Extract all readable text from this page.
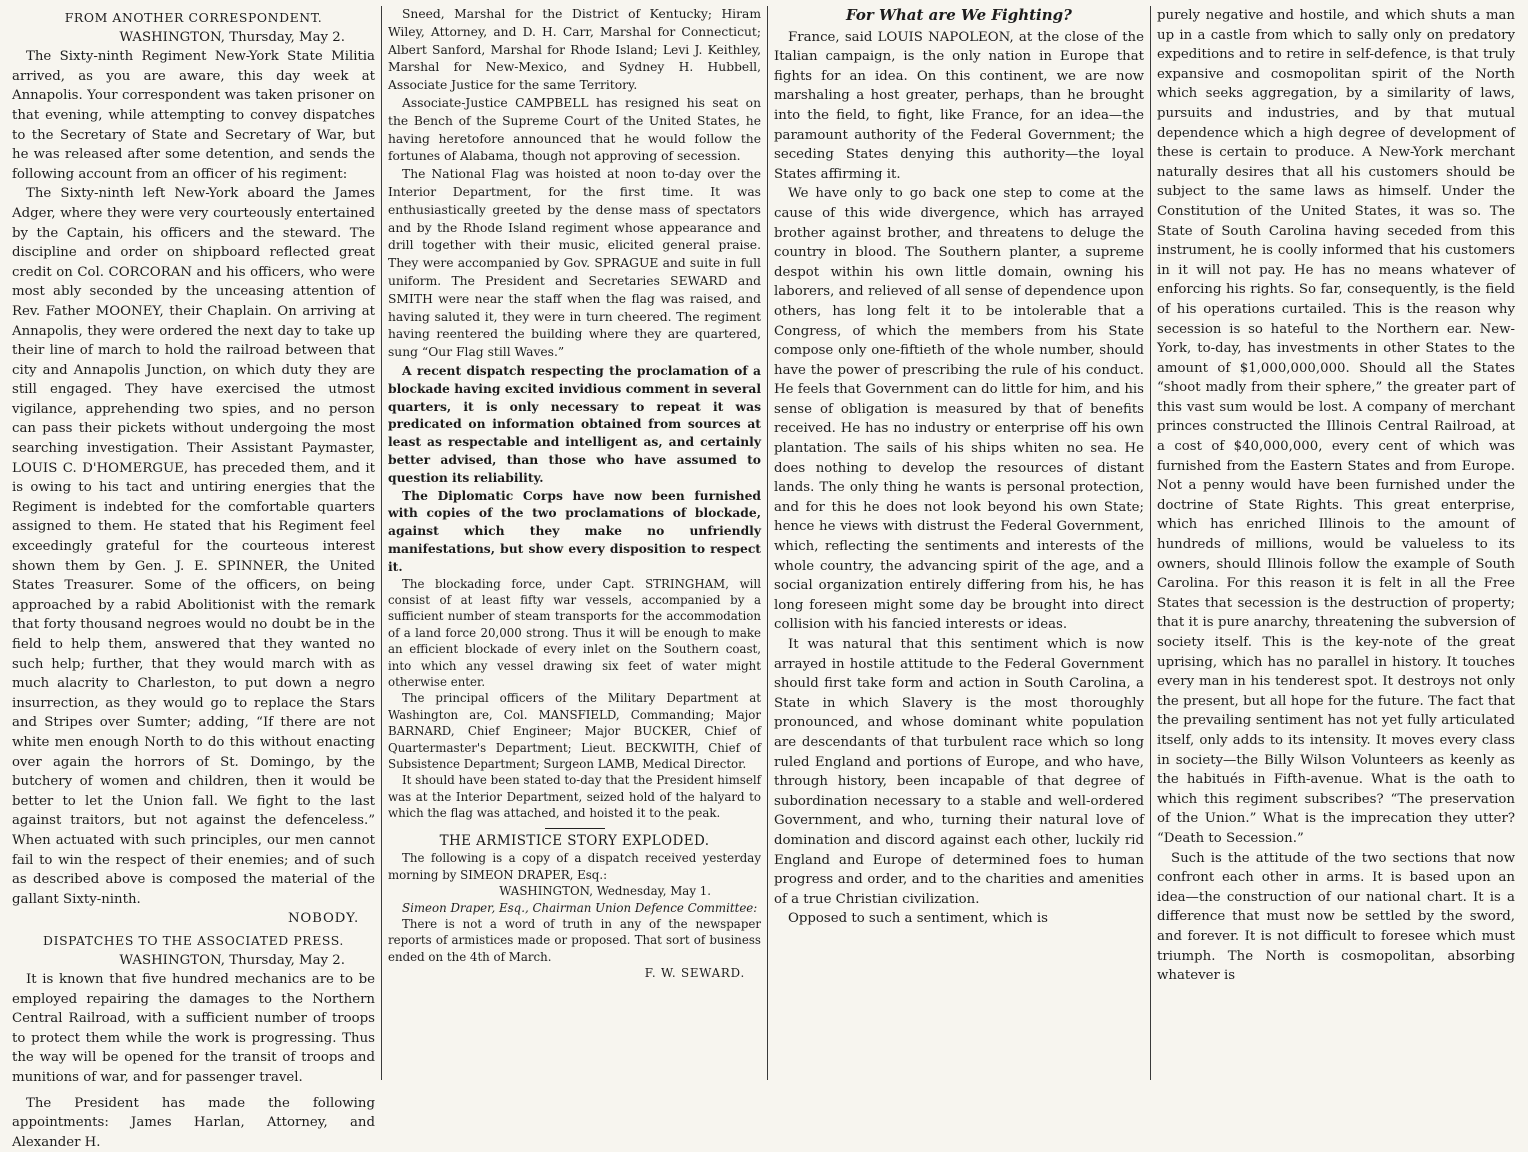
FROM ANOTHER CORRESPONDENT.

WASHINGTON, Thursday, May 2.

The Sixty-ninth Regiment New-York State Militia arrived, as you are aware, this day week at Annapolis. Your correspondent was taken prisoner on that evening, while attempting to convey dispatches to the Secretary of State and Secretary of War, but he was released after some detention, and sends the following account from an officer of his regiment:

The Sixty-ninth left New-York aboard the James Adger, where they were very courteously entertained by the Captain, his officers and the steward. The discipline and order on shipboard reflected great credit on Col. CORCORAN and his officers, who were most ably seconded by the unceasing attention of Rev. Father MOONEY, their Chaplain. On arriving at Annapolis, they were ordered the next day to take up their line of march to hold the railroad between that city and Annapolis Junction, on which duty they are still engaged. They have exercised the utmost vigilance, apprehending two spies, and no person can pass their pickets without undergoing the most searching investigation. Their Assistant Paymaster, LOUIS C. D'HOMERGUE, has preceded them, and it is owing to his tact and untiring energies that the Regiment is indebted for the comfortable quarters assigned to them. He stated that his Regiment feel exceedingly grateful for the courteous interest shown them by Gen. J. E. SPINNER, the United States Treasurer. Some of the officers, on being approached by a rabid Abolitionist with the remark that forty thousand negroes would no doubt be in the field to help them, answered that they wanted no such help; further, that they would march with as much alacrity to Charleston, to put down a negro insurrection, as they would go to replace the Stars and Stripes over Sumter; adding, “If there are not white men enough North to do this without enacting over again the horrors of St. Domingo, by the butchery of women and children, then it would be better to let the Union fall. We fight to the last against traitors, but not against the defenceless.” When actuated with such principles, our men cannot fail to win the respect of their enemies; and of such as described above is composed the material of the gallant Sixty-ninth.

NOBODY.

DISPATCHES TO THE ASSOCIATED PRESS.

WASHINGTON, Thursday, May 2.

It is known that five hundred mechanics are to be employed repairing the damages to the Northern Central Railroad, with a sufficient number of troops to protect them while the work is progressing. Thus the way will be opened for the transit of troops and munitions of war, and for passenger travel.

The President has made the following appointments: James Harlan, Attorney, and Alexander H.

Sneed, Marshal for the District of Kentucky; Hiram Wiley, Attorney, and D. H. Carr, Marshal for Connecticut; Albert Sanford, Marshal for Rhode Island; Levi J. Keithley, Marshal for New-Mexico, and Sydney H. Hubbell, Associate Justice for the same Territory.

Associate-Justice CAMPBELL has resigned his seat on the Bench of the Supreme Court of the United States, he having heretofore announced that he would follow the fortunes of Alabama, though not approving of secession.

The National Flag was hoisted at noon to-day over the Interior Department, for the first time. It was enthusiastically greeted by the dense mass of spectators and by the Rhode Island regiment whose appearance and drill together with their music, elicited general praise. They were accompanied by Gov. SPRAGUE and suite in full uniform. The President and Secretaries SEWARD and SMITH were near the staff when the flag was raised, and having saluted it, they were in turn cheered. The regiment having reentered the building where they are quartered, sung “Our Flag still Waves.”

A recent dispatch respecting the proclamation of a blockade having excited invidious comment in several quarters, it is only necessary to repeat it was predicated on information obtained from sources at least as respectable and intelligent as, and certainly better advised, than those who have assumed to question its reliability.

The Diplomatic Corps have now been furnished with copies of the two proclamations of blockade, against which they make no unfriendly manifestations, but show every disposition to respect it.

The blockading force, under Capt. STRINGHAM, will consist of at least fifty war vessels, accompanied by a sufficient number of steam transports for the accommodation of a land force 20,000 strong. Thus it will be enough to make an efficient blockade of every inlet on the Southern coast, into which any vessel drawing six feet of water might otherwise enter.

The principal officers of the Military Department at Washington are, Col. MANSFIELD, Commanding; Major BARNARD, Chief Engineer; Major BUCKER, Chief of Quartermaster's Department; Lieut. BECKWITH, Chief of Subsistence Department; Surgeon LAMB, Medical Director.

It should have been stated to-day that the President himself was at the Interior Department, seized hold of the halyard to which the flag was attached, and hoisted it to the peak.

THE ARMISTICE STORY EXPLODED.

The following is a copy of a dispatch received yesterday morning by SIMEON DRAPER, Esq.:

WASHINGTON, Wednesday, May 1.

Simeon Draper, Esq., Chairman Union Defence Committee:

There is not a word of truth in any of the newspaper reports of armistices made or proposed. That sort of business ended on the 4th of March.

F. W. SEWARD.

For What are We Fighting?

France, said LOUIS NAPOLEON, at the close of the Italian campaign, is the only nation in Europe that fights for an idea. On this continent, we are now marshaling a host greater, perhaps, than he brought into the field, to fight, like France, for an idea—the paramount authority of the Federal Government; the seceding States denying this authority—the loyal States affirming it.

We have only to go back one step to come at the cause of this wide divergence, which has arrayed brother against brother, and threatens to deluge the country in blood. The Southern planter, a supreme despot within his own little domain, owning his laborers, and relieved of all sense of dependence upon others, has long felt it to be intolerable that a Congress, of which the members from his State compose only one-fiftieth of the whole number, should have the power of prescribing the rule of his conduct. He feels that Government can do little for him, and his sense of obligation is measured by that of benefits received. He has no industry or enterprise off his own plantation. The sails of his ships whiten no sea. He does nothing to develop the resources of distant lands. The only thing he wants is personal protection, and for this he does not look beyond his own State; hence he views with distrust the Federal Government, which, reflecting the sentiments and interests of the whole country, the advancing spirit of the age, and a social organization entirely differing from his, he has long foreseen might some day be brought into direct collision with his fancied interests or ideas.

It was natural that this sentiment which is now arrayed in hostile attitude to the Federal Government should first take form and action in South Carolina, a State in which Slavery is the most thoroughly pronounced, and whose dominant white population are descendants of that turbulent race which so long ruled England and portions of Europe, and who have, through history, been incapable of that degree of subordination necessary to a stable and well-ordered Government, and who, turning their natural love of domination and discord against each other, luckily rid England and Europe of determined foes to human progress and order, and to the charities and amenities of a true Christian civilization.

Opposed to such a sentiment, which is

purely negative and hostile, and which shuts a man up in a castle from which to sally only on predatory expeditions and to retire in self-defence, is that truly expansive and cosmopolitan spirit of the North which seeks aggregation, by a similarity of laws, pursuits and industries, and by that mutual dependence which a high degree of development of these is certain to produce. A New-York merchant naturally desires that all his customers should be subject to the same laws as himself. Under the Constitution of the United States, it was so. The State of South Carolina having seceded from this instrument, he is coolly informed that his customers in it will not pay. He has no means whatever of enforcing his rights. So far, consequently, is the field of his operations curtailed. This is the reason why secession is so hateful to the Northern ear. New-York, to-day, has investments in other States to the amount of $1,000,000,000. Should all the States “shoot madly from their sphere,” the greater part of this vast sum would be lost. A company of merchant princes constructed the Illinois Central Railroad, at a cost of $40,000,000, every cent of which was furnished from the Eastern States and from Europe. Not a penny would have been furnished under the doctrine of State Rights. This great enterprise, which has enriched Illinois to the amount of hundreds of millions, would be valueless to its owners, should Illinois follow the example of South Carolina. For this reason it is felt in all the Free States that secession is the destruction of property; that it is pure anarchy, threatening the subversion of society itself. This is the key-note of the great uprising, which has no parallel in history. It touches every man in his tenderest spot. It destroys not only the present, but all hope for the future. The fact that the prevailing sentiment has not yet fully articulated itself, only adds to its intensity. It moves every class in society—the Billy Wilson Volunteers as keenly as the habitués in Fifth-avenue. What is the oath to which this regiment subscribes? “The preservation of the Union.” What is the imprecation they utter? “Death to Secession.”

Such is the attitude of the two sections that now confront each other in arms. It is based upon an idea—the construction of our national chart. It is a difference that must now be settled by the sword, and forever. It is not difficult to foresee which must triumph. The North is cosmopolitan, absorbing whatever is
